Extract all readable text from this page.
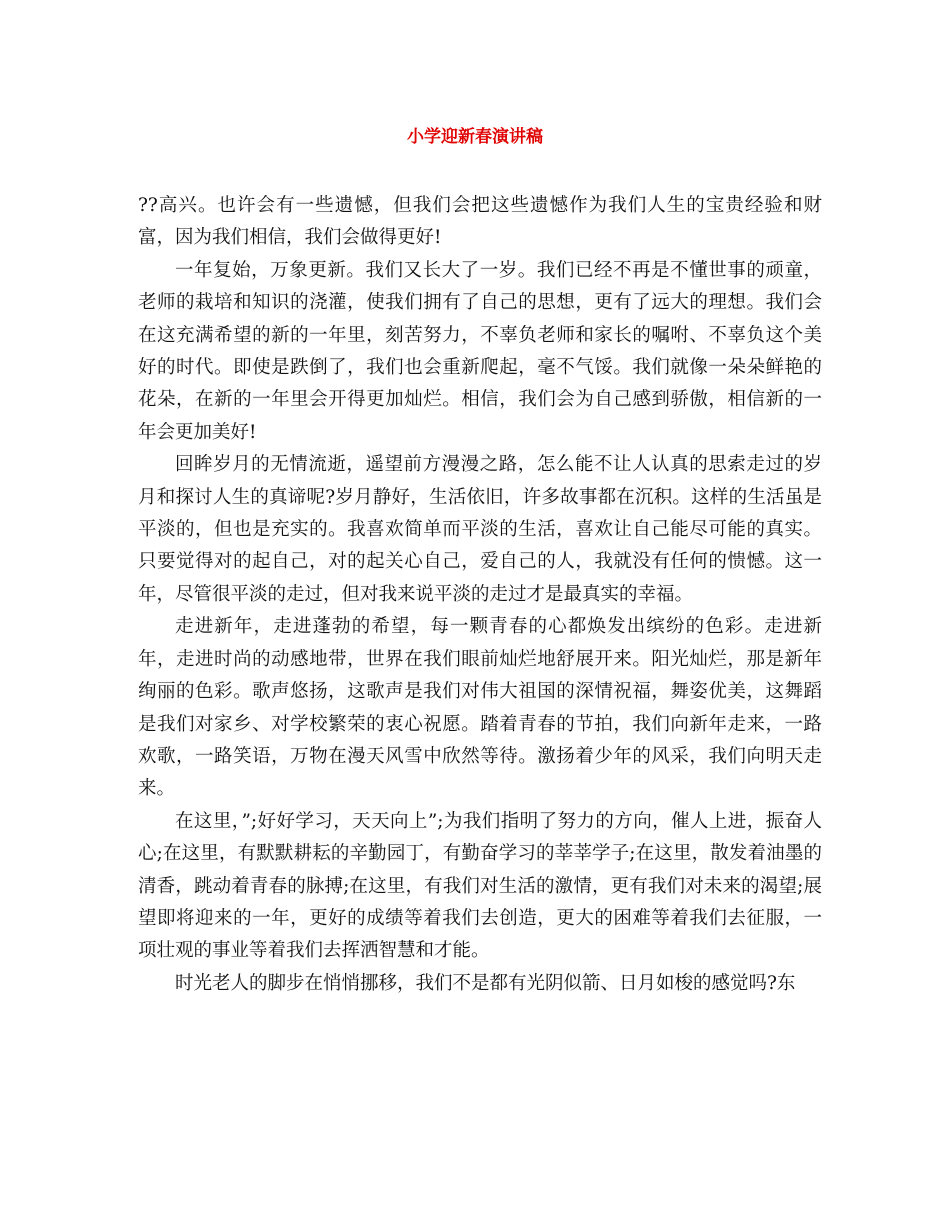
小学迎新春演讲稿

??高兴。也许会有一些遗憾，但我们会把这些遗憾作为我们人生的宝贵经验和财富，因为我们相信，我们会做得更好!

一年复始，万象更新。我们又长大了一岁。我们已经不再是不懂世事的顽童，老师的栽培和知识的浇灌，使我们拥有了自己的思想，更有了远大的理想。我们会在这充满希望的新的一年里，刻苦努力，不辜负老师和家长的嘱咐、不辜负这个美好的时代。即使是跌倒了，我们也会重新爬起，毫不气馁。我们就像一朵朵鲜艳的花朵，在新的一年里会开得更加灿烂。相信，我们会为自己感到骄傲，相信新的一年会更加美好!

回眸岁月的无情流逝，遥望前方漫漫之路，怎么能不让人认真的思索走过的岁月和探讨人生的真谛呢?岁月静好，生活依旧，许多故事都在沉积。这样的生活虽是平淡的，但也是充实的。我喜欢简单而平淡的生活，喜欢让自己能尽可能的真实。只要觉得对的起自己，对的起关心自己，爱自己的人，我就没有任何的愦憾。这一年，尽管很平淡的走过，但对我来说平淡的走过才是最真实的幸福。

走进新年，走进蓬勃的希望，每一颗青春的心都焕发出缤纷的色彩。走进新年，走进时尚的动感地带，世界在我们眼前灿烂地舒展开来。阳光灿烂，那是新年绚丽的色彩。歌声悠扬，这歌声是我们对伟大祖国的深情祝福，舞姿优美，这舞蹈是我们对家乡、对学校繁荣的衷心祝愿。踏着青春的节拍，我们向新年走来，一路欢歌，一路笑语，万物在漫天风雪中欣然等待。激扬着少年的风采，我们向明天走来。

在这里，”;好好学习，天天向上”;为我们指明了努力的方向，催人上进，振奋人心;在这里，有默默耕耘的辛勤园丁，有勤奋学习的莘莘学子;在这里，散发着油墨的清香，跳动着青春的脉搏;在这里，有我们对生活的激情，更有我们对未来的渴望;展望即将迎来的一年，更好的成绩等着我们去创造，更大的困难等着我们去征服，一项壮观的事业等着我们去挥洒智慧和才能。

时光老人的脚步在悄悄挪移，我们不是都有光阴似箭、日月如梭的感觉吗?东
